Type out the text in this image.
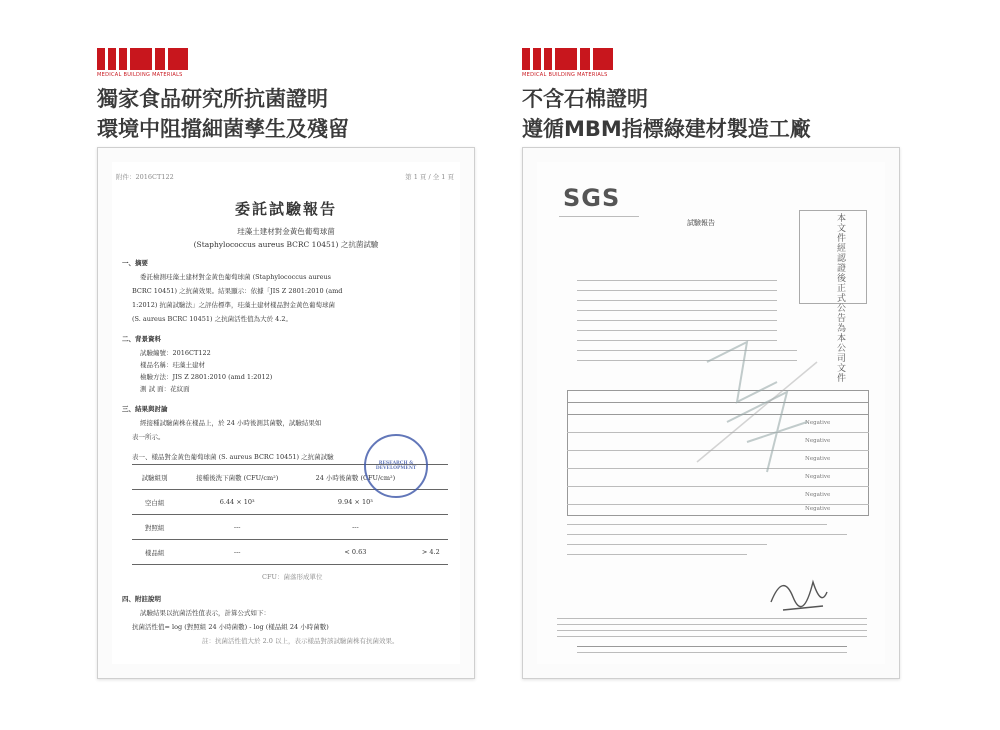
MEDICAL BUILDING MATERIALS
獨家食品研究所抗菌證明
環境中阻擋細菌孳生及殘留
附件：2016CT122	第 1 頁 / 全 1 頁
委託試驗報告
珪藻土建材對金黃色葡萄球菌
(Staphylococcus aureus BCRC 10451) 之抗菌試驗
一、摘要
委託檢測珪藻土建材對金黃色葡萄球菌 (Staphylococcus aureus
BCRC 10451) 之抗菌效果。結果顯示：依據「JIS Z 2801:2010 (amd
1:2012) 抗菌試驗法」之評估標準，珪藻土建材樣品對金黃色葡萄球菌
(S. aureus BCRC 10451) 之抗菌活性值為大於 4.2。
二、背景資料
試驗編號：2016CT122
樣品名稱：珪藻土建材
檢驗方法：JIS Z 2801:2010 (amd 1:2012)
測 試 面：花紋面
三、結果與討論
經接種試驗菌株在樣品上，於 24 小時後測其菌數，試驗結果如
表一所示。
表一、樣品對金黃色葡萄球菌 (S. aureus BCRC 10451) 之抗菌試驗
試驗組別	接種後洗下菌數 (CFU/cm²)	24 小時後菌數 (CFU/cm²)	
空白組	6.44 × 10³	9.94 × 10³	
對照組	---	---	
樣品組	---	< 0.63	> 4.2
CFU：菌落形成單位
RESEARCH & DEVELOPMENT
四、附註說明
試驗結果以抗菌活性值表示，計算公式如下：
抗菌活性值= log (對照組 24 小時菌數) - log (樣品組 24 小時菌數)
註：抗菌活性值大於 2.0 以上，表示樣品對該試驗菌株有抗菌效果。
MEDICAL BUILDING MATERIALS
不含石棉證明
遵循MBM指標綠建材製造工廠
SGS
試驗報告	本文件經認證後正式公告為本公司文件
Negative
Negative
Negative
Negative
Negative
Negative
